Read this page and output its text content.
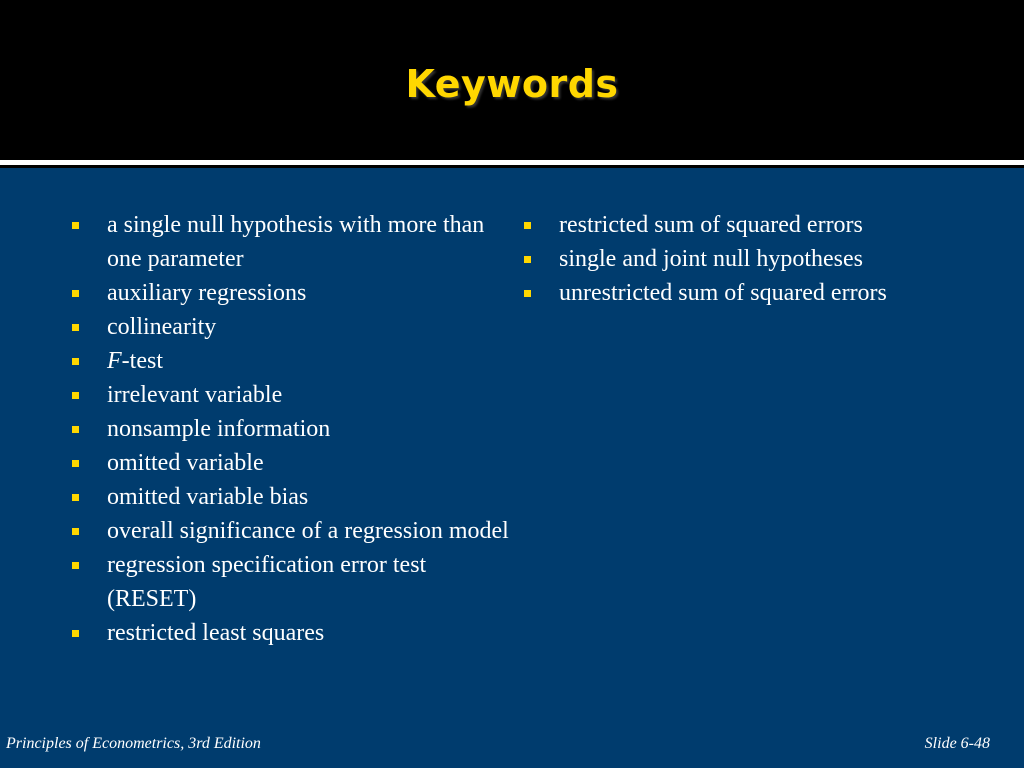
Keywords
a single null hypothesis with more than one parameter
auxiliary regressions
collinearity
F-test
irrelevant variable
nonsample information
omitted variable
omitted variable bias
overall significance of a regression model
regression specification error test (RESET)
restricted least squares
restricted sum of squared errors
single and joint null hypotheses
unrestricted sum of squared errors
Principles of Econometrics, 3rd Edition	Slide 6-48
